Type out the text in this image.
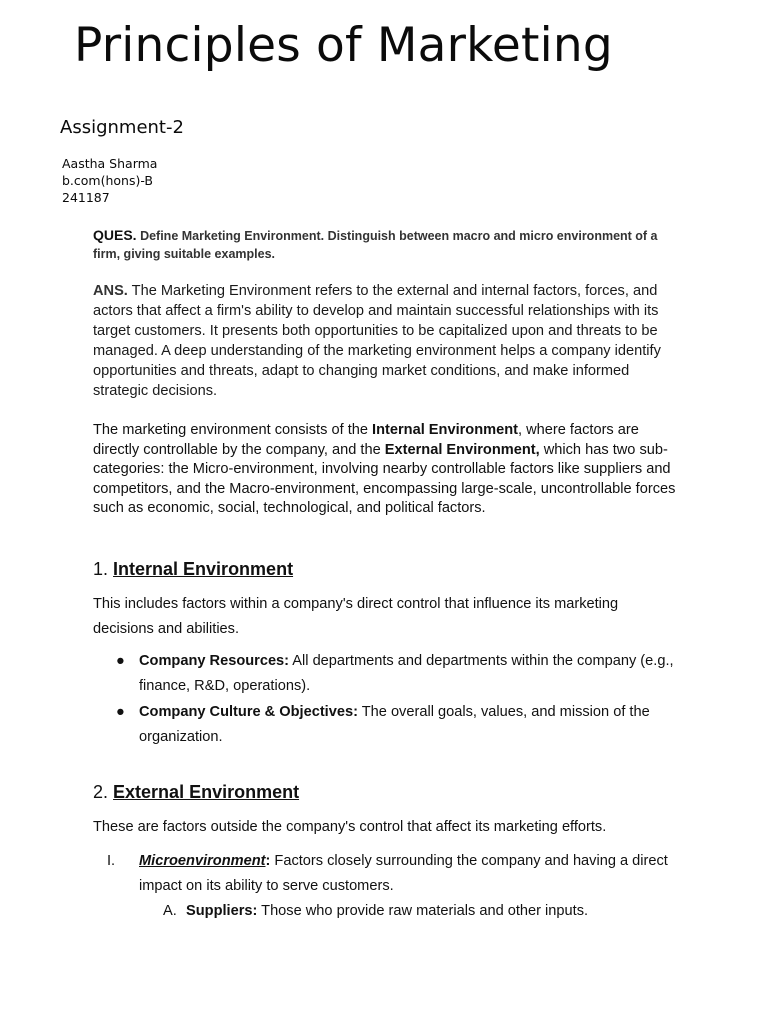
Principles of Marketing
Assignment-2
Aastha Sharma
b.com(hons)-B
241187

QUES. Define Marketing Environment. Distinguish between macro and micro environment of a firm, giving suitable examples.

ANS. The Marketing Environment refers to the external and internal factors, forces, and actors that affect a firm's ability to develop and maintain successful relationships with its target customers. It presents both opportunities to be capitalized upon and threats to be managed. A deep understanding of the marketing environment helps a company identify opportunities and threats, adapt to changing market conditions, and make informed strategic decisions.

The marketing environment consists of the Internal Environment, where factors are directly controllable by the company, and the External Environment, which has two sub-categories: the Micro-environment, involving nearby controllable factors like suppliers and competitors, and the Macro-environment, encompassing large-scale, uncontrollable forces such as economic, social, technological, and political factors.

1. Internal Environment

This includes factors within a company's direct control that influence its marketing decisions and abilities.

● Company Resources: All departments and departments within the company (e.g., finance, R&D, operations).
● Company Culture & Objectives: The overall goals, values, and mission of the organization.
2. External Environment

These are factors outside the company's control that affect its marketing efforts.

I. Microenvironment: Factors closely surrounding the company and having a direct impact on its ability to serve customers.
A. Suppliers: Those who provide raw materials and other inputs.
